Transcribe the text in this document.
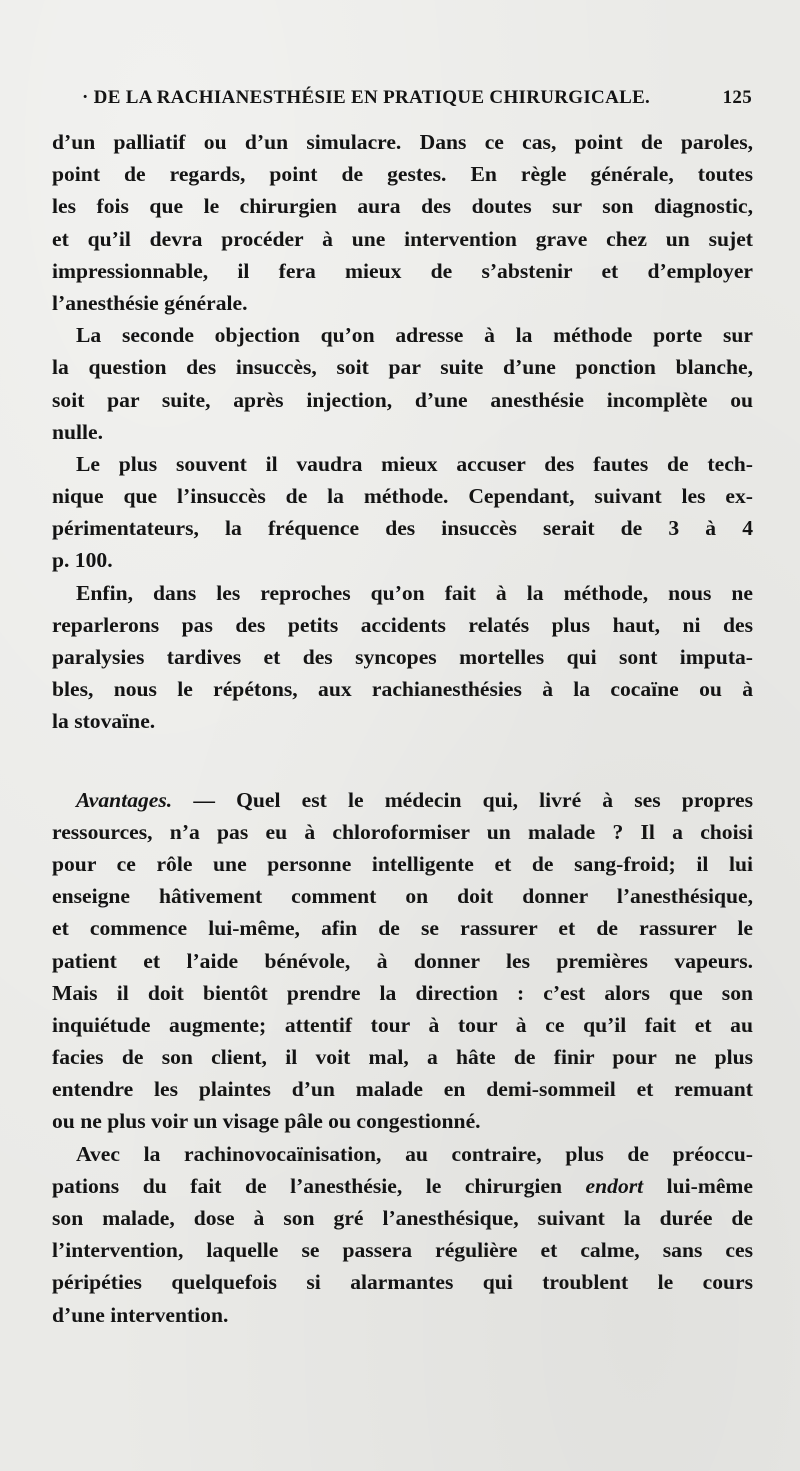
· DE LA RACHIANESTHÉSIE EN PRATIQUE CHIRURGICALE.	125
d’un palliatif ou d’un simulacre. Dans ce cas, point de paroles,
point de regards, point de gestes. En règle générale, toutes
les fois que le chirurgien aura des doutes sur son diagnostic,
et qu’il devra procéder à une intervention grave chez un sujet
impressionnable, il fera mieux de s’abstenir et d’employer
l’anesthésie générale.
La seconde objection qu’on adresse à la méthode porte sur
la question des insuccès, soit par suite d’une ponction blanche,
soit par suite, après injection, d’une anesthésie incomplète ou
nulle.
Le plus souvent il vaudra mieux accuser des fautes de tech-
nique que l’insuccès de la méthode. Cependant, suivant les ex-
périmentateurs, la fréquence des insuccès serait de 3 à 4
p. 100.
Enfin, dans les reproches qu’on fait à la méthode, nous ne
reparlerons pas des petits accidents relatés plus haut, ni des
paralysies tardives et des syncopes mortelles qui sont imputa-
bles, nous le répétons, aux rachianesthésies à la cocaïne ou à
la stovaïne.
Avantages. — Quel est le médecin qui, livré à ses propres
ressources, n’a pas eu à chloroformiser un malade ? Il a choisi
pour ce rôle une personne intelligente et de sang-froid; il lui
enseigne hâtivement comment on doit donner l’anesthésique,
et commence lui-même, afin de se rassurer et de rassurer le
patient et l’aide bénévole, à donner les premières vapeurs.
Mais il doit bientôt prendre la direction : c’est alors que son
inquiétude augmente; attentif tour à tour à ce qu’il fait et au
facies de son client, il voit mal, a hâte de finir pour ne plus
entendre les plaintes d’un malade en demi-sommeil et remuant
ou ne plus voir un visage pâle ou congestionné.
Avec la rachinovocaïnisation, au contraire, plus de préoccu-
pations du fait de l’anesthésie, le chirurgien endort lui-même
son malade, dose à son gré l’anesthésique, suivant la durée de
l’intervention, laquelle se passera régulière et calme, sans ces
péripéties quelquefois si alarmantes qui troublent le cours
d’une intervention.
